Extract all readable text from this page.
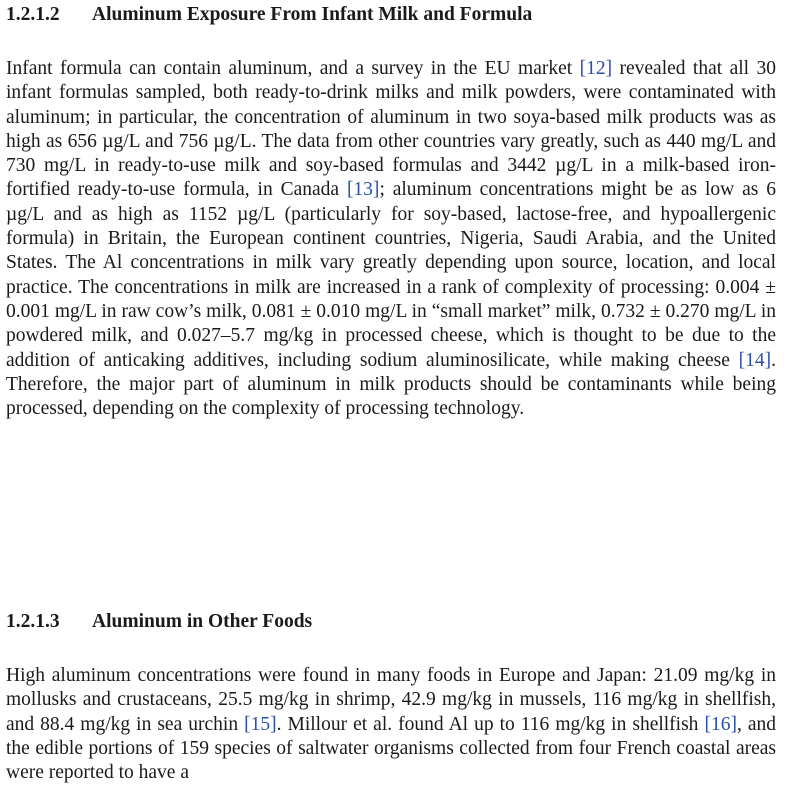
1.2.1.2 Aluminum Exposure From Infant Milk and Formula

Infant formula can contain aluminum, and a survey in the EU market [12] revealed that all 30 infant formulas sampled, both ready-to-drink milks and milk powders, were contaminated with aluminum; in particular, the concentration of aluminum in two soya-based milk products was as high as 656 µg/L and 756 µg/L. The data from other countries vary greatly, such as 440 mg/L and 730 mg/L in ready-to-use milk and soy-based formulas and 3442 µg/L in a milk-based iron-fortified ready-to-use formula, in Canada [13]; aluminum concentrations might be as low as 6 µg/L and as high as 1152 µg/L (particularly for soy-based, lactose-free, and hypoallergenic formula) in Britain, the European continent countries, Nigeria, Saudi Arabia, and the United States. The Al concentrations in milk vary greatly depending upon source, location, and local practice. The concentrations in milk are increased in a rank of complexity of processing: 0.004 ± 0.001 mg/L in raw cow’s milk, 0.081 ± 0.010 mg/L in “small market” milk, 0.732 ± 0.270 mg/L in powdered milk, and 0.027–5.7 mg/kg in processed cheese, which is thought to be due to the addition of anticaking additives, including sodium aluminosilicate, while making cheese [14]. Therefore, the major part of aluminum in milk products should be contaminants while being processed, depending on the complexity of processing technology.

1.2.1.3 Aluminum in Other Foods

High aluminum concentrations were found in many foods in Europe and Japan: 21.09 mg/kg in mollusks and crustaceans, 25.5 mg/kg in shrimp, 42.9 mg/kg in mussels, 116 mg/kg in shellfish, and 88.4 mg/kg in sea urchin [15]. Millour et al. found Al up to 116 mg/kg in shellfish [16], and the edible portions of 159 species of saltwater organisms collected from four French coastal areas were reported to have a
